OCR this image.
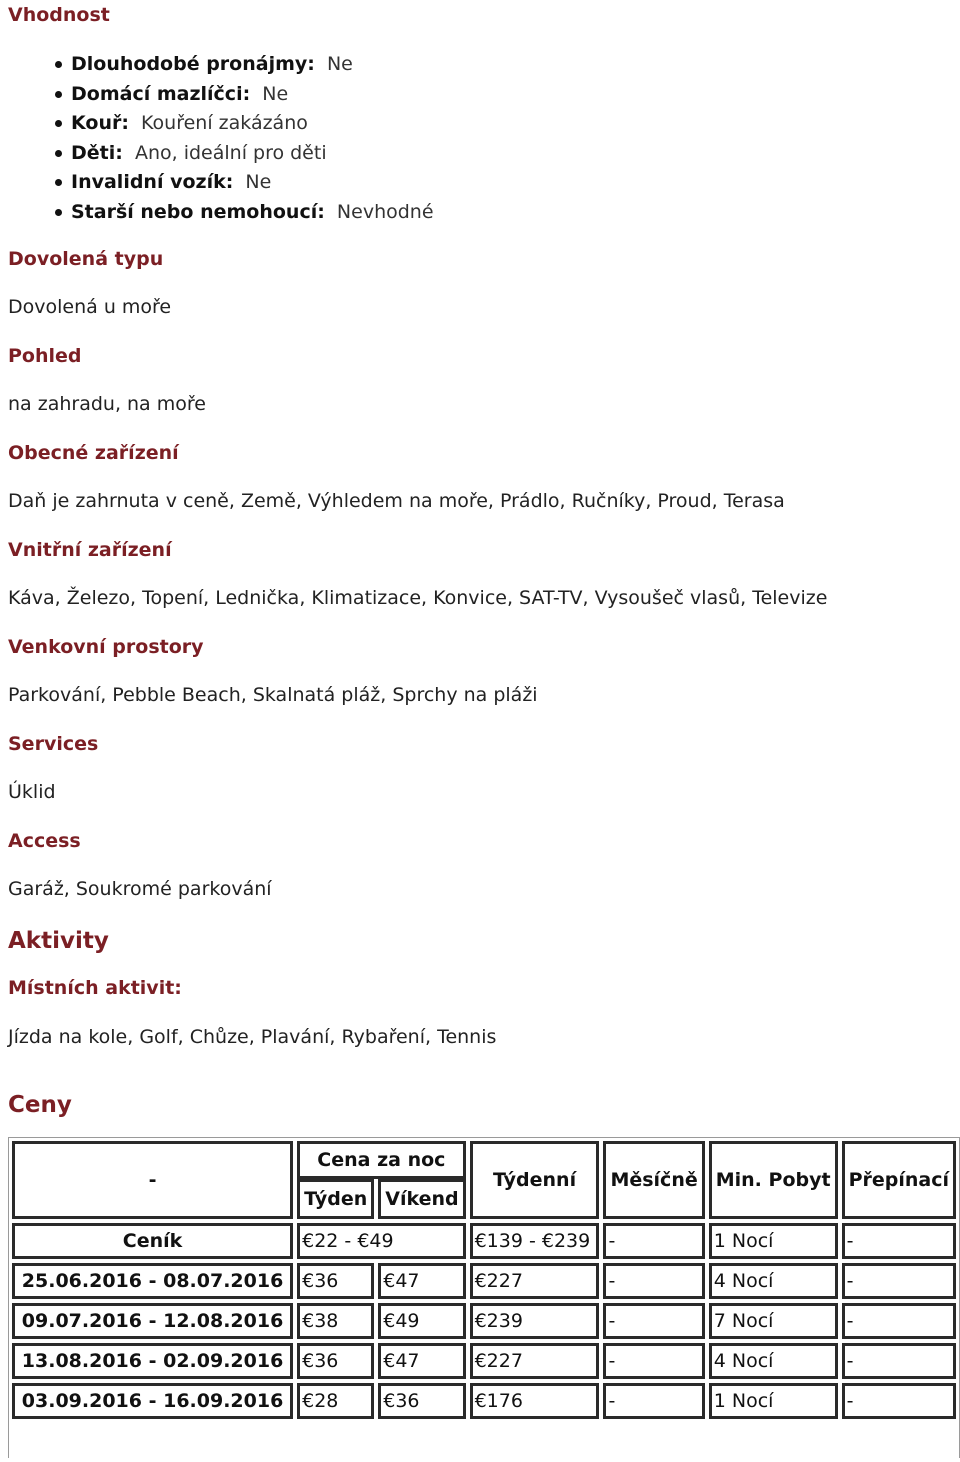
Vhodnost
Dlouhodobé pronájmy: Ne
Domácí mazlíčci: Ne
Kouř: Kouření zakázáno
Děti: Ano, ideální pro děti
Invalidní vozík: Ne
Starší nebo nemohoucí: Nevhodné
Dovolená typu
Dovolená u moře
Pohled
na zahradu, na moře
Obecné zařízení
Daň je zahrnuta v ceně, Země, Výhledem na moře, Prádlo, Ručníky, Proud, Terasa
Vnitřní zařízení
Káva, Železo, Topení, Lednička, Klimatizace, Konvice, SAT-TV, Vysoušeč vlasů, Televize
Venkovní prostory
Parkování, Pebble Beach, Skalnatá pláž, Sprchy na pláži
Services
Úklid
Access
Garáž, Soukromé parkování
Aktivity
Místních aktivit:
Jízda na kole, Golf, Chůze, Plavání, Rybaření, Tennis
Ceny
-	Cena za noc		Týdenní	Měsíčně	Min. Pobyt	Přepínací
	Týden	Víkend				

Ceník	€22 - €49		€139 - €239	-	1 Nocí	-

25.06.2016 - 08.07.2016	€36	€47	€227	-	4 Nocí	-

09.07.2016 - 12.08.2016	€38	€49	€239	-	7 Nocí	-

13.08.2016 - 02.09.2016	€36	€47	€227	-	4 Nocí	-

03.09.2016 - 16.09.2016	€28	€36	€176	-	1 Nocí	-
